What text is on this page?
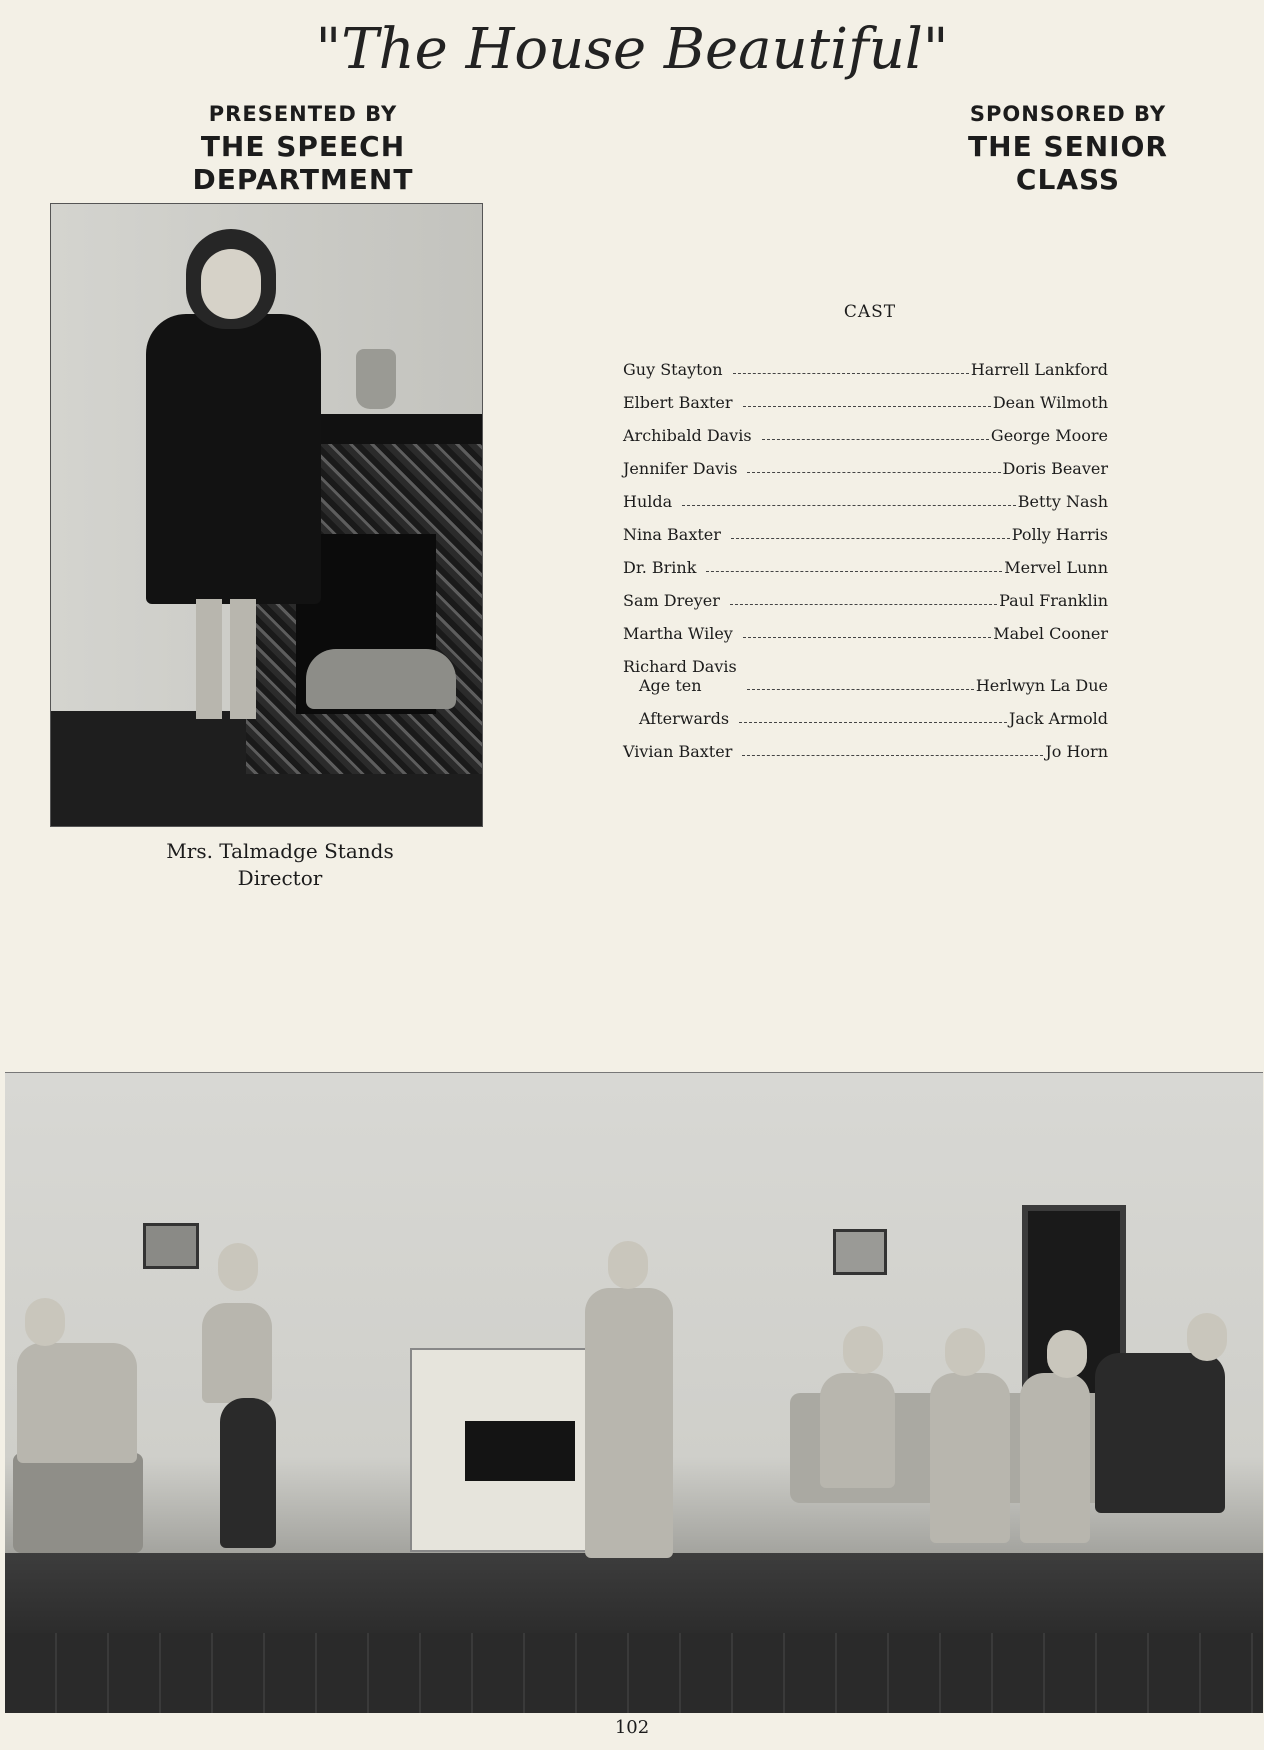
"The House Beautiful"
PRESENTED BY
THE SPEECH DEPARTMENT
SPONSORED BY
THE SENIOR CLASS
Mrs. Talmadge Stands
Director
CAST
Guy Stayton	Harrell Lankford
Elbert Baxter	Dean Wilmoth
Archibald Davis	George Moore
Jennifer Davis	Doris Beaver
Hulda	Betty Nash
Nina Baxter	Polly Harris
Dr. Brink	Mervel Lunn
Sam Dreyer	Paul Franklin
Martha Wiley	Mabel Cooner
Richard Davis
Age ten	Herlwyn La Due
Afterwards	Jack Armold
Vivian Baxter	Jo Horn
102
